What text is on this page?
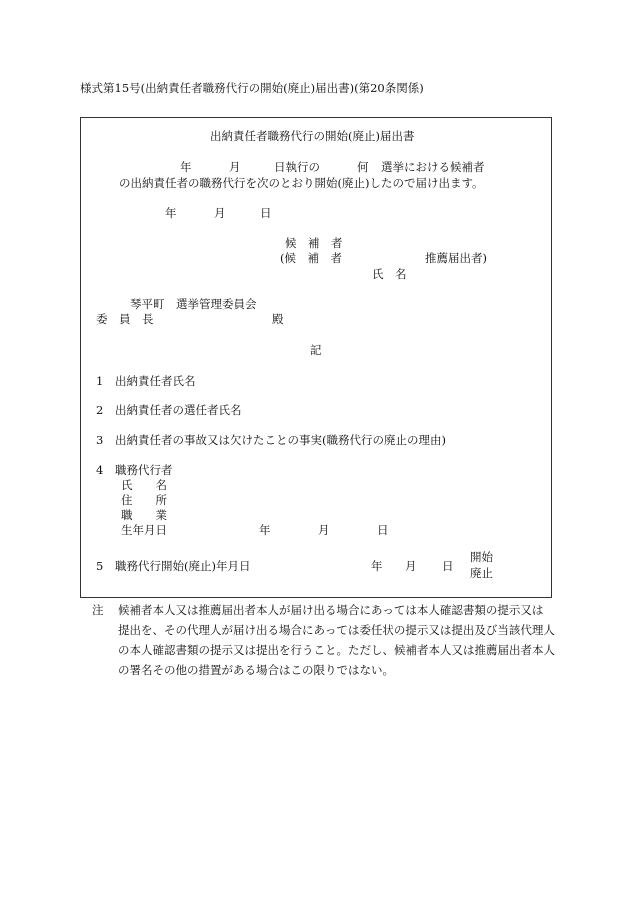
様式第15号(出納責任者職務代行の開始(廃止)届出書)(第20条関係)
出納責任者職務代行の開始(廃止)届出書
年	月	日執行の	何 選挙における候補者
の出納責任者の職務代行を次のとおり開始(廃止)したので届け出ます。
年	月	日
候　補　者
(候　補　者	推薦届出者)
氏　名
琴平町　選挙管理委員会
委　員　長	殿
記
1 出納責任者氏名
2 出納責任者の選任者氏名
3 出納責任者の事故又は欠けたことの事実(職務代行の廃止の理由)
4 職務代行者
氏　　名
住　　所
職　　業
生年月日	年	月	日
5 職務代行開始(廃止)年月日	年 月 日
開始
廃止
注 候補者本人又は推薦届出者本人が届け出る場合にあっては本人確認書類の提示又は
提出を、その代理人が届け出る場合にあっては委任状の提示又は提出及び当該代理人
の本人確認書類の提示又は提出を行うこと。ただし、候補者本人又は推薦届出者本人
の署名その他の措置がある場合はこの限りではない。
